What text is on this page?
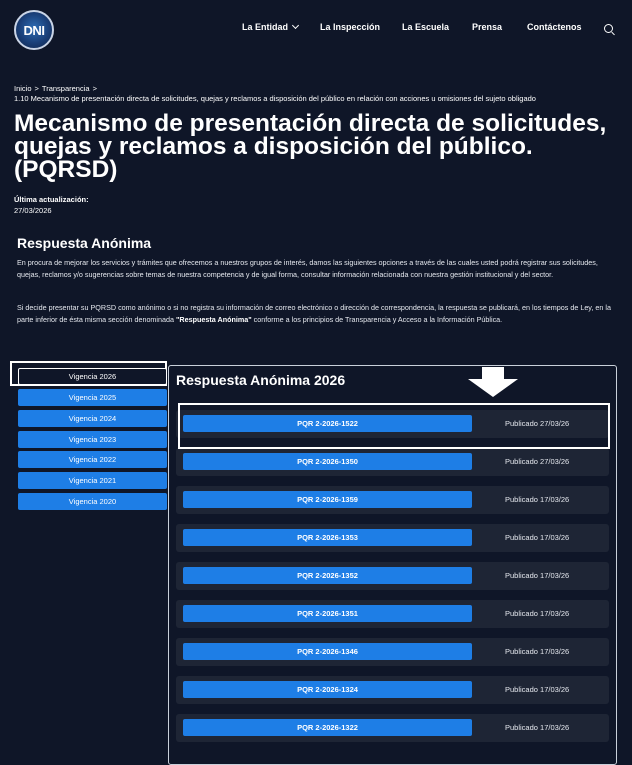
DNI	La Entidad	La Inspección La Escuela	Prensa	Contáctenos
Inicio > Transparencia >
1.10 Mecanismo de presentación directa de solicitudes, quejas y reclamos a disposición del público en relación con acciones u omisiones del sujeto obligado
Mecanismo de presentación directa de solicitudes, quejas y reclamos a disposición del público. (PQRSD)
Última actualización:
27/03/2026
Respuesta Anónima

En procura de mejorar los servicios y trámites que ofrecemos a nuestros grupos de interés, damos las siguientes opciones a través de las cuales usted podrá registrar sus solicitudes, quejas, reclamos y/o sugerencias sobre temas de nuestra competencia y de igual forma, consultar información relacionada con nuestra gestión institucional y del sector.

Si decide presentar su PQRSD como anónimo o si no registra su información de correo electrónico o dirección de correspondencia, la respuesta se publicará, en los tiempos de Ley, en la parte inferior de ésta misma sección denominada "Respuesta Anónima" conforme a los principios de Transparencia y Acceso a la Información Pública.

Vigencia 2026
Vigencia 2025
Vigencia 2024
Vigencia 2023
Vigencia 2022
Vigencia 2021
Vigencia 2020
Respuesta Anónima 2026
PQR 2-2026-1522	Publicado 27/03/26
PQR 2-2026-1350	Publicado 27/03/26
PQR 2-2026-1359	Publicado 17/03/26
PQR 2-2026-1353	Publicado 17/03/26
PQR 2-2026-1352	Publicado 17/03/26
PQR 2-2026-1351	Publicado 17/03/26
PQR 2-2026-1346	Publicado 17/03/26
PQR 2-2026-1324	Publicado 17/03/26
PQR 2-2026-1322	Publicado 17/03/26
